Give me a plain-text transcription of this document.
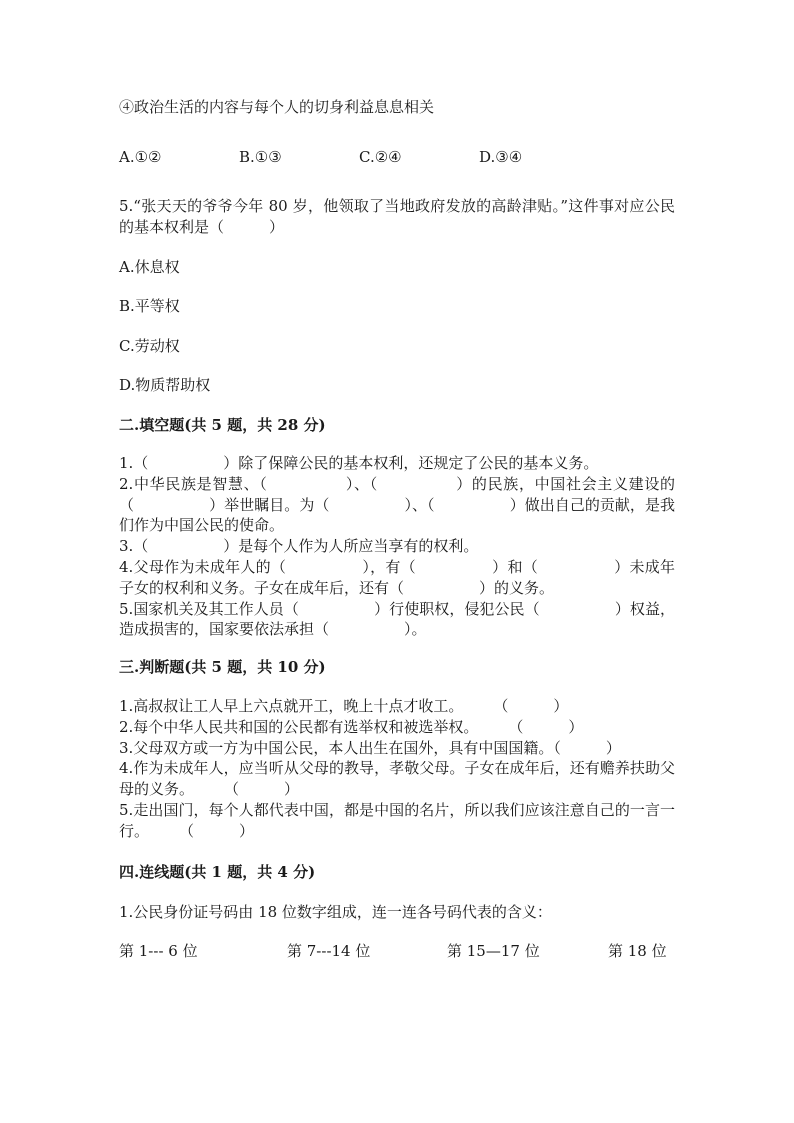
④政治生活的内容与每个人的切身利益息息相关
A.①②	B.①③	C.②④	D.③④
5.“张天天的爷爷今年 80 岁，他领取了当地政府发放的高龄津贴。”这件事对应公民的基本权利是（　　　）
A.休息权
B.平等权
C.劳动权
D.物质帮助权
二.填空题(共 5 题，共 28 分)
1.（　　　　　）除了保障公民的基本权利，还规定了公民的基本义务。
2.中华民族是智慧、（　　　　　）、（　　　　　）的民族，中国社会主义建设的（　　　　　）举世瞩目。为（　　　　　）、（　　　　　）做出自己的贡献，是我们作为中国公民的使命。
3.（　　　　　）是每个人作为人所应当享有的权利。
4.父母作为未成年人的（　　　　　），有（　　　　　）和（　　　　　）未成年子女的权利和义务。子女在成年后，还有（　　　　　）的义务。
5.国家机关及其工作人员（　　　　　）行使职权，侵犯公民（　　　　　）权益，造成损害的，国家要依法承担（　　　　　）。
三.判断题(共 5 题，共 10 分)
1.高叔叔让工人早上六点就开工，晚上十点才收工。　　　（　　　）
2.每个中华人民共和国的公民都有选举权和被选举权。　　　（　　　）
3.父母双方或一方为中国公民，本人出生在国外，具有中国国籍。（　　　）
4.作为未成年人，应当听从父母的教导，孝敬父母。子女在成年后，还有赡养扶助父母的义务。　　　（　　　）
5.走出国门，每个人都代表中国，都是中国的名片，所以我们应该注意自己的一言一行。　　　（　　　）
四.连线题(共 1 题，共 4 分)
1.公民身份证号码由 18 位数字组成，连一连各号码代表的含义：
第 1--- 6 位	第 7---14 位	第 15—17 位	第 18 位
